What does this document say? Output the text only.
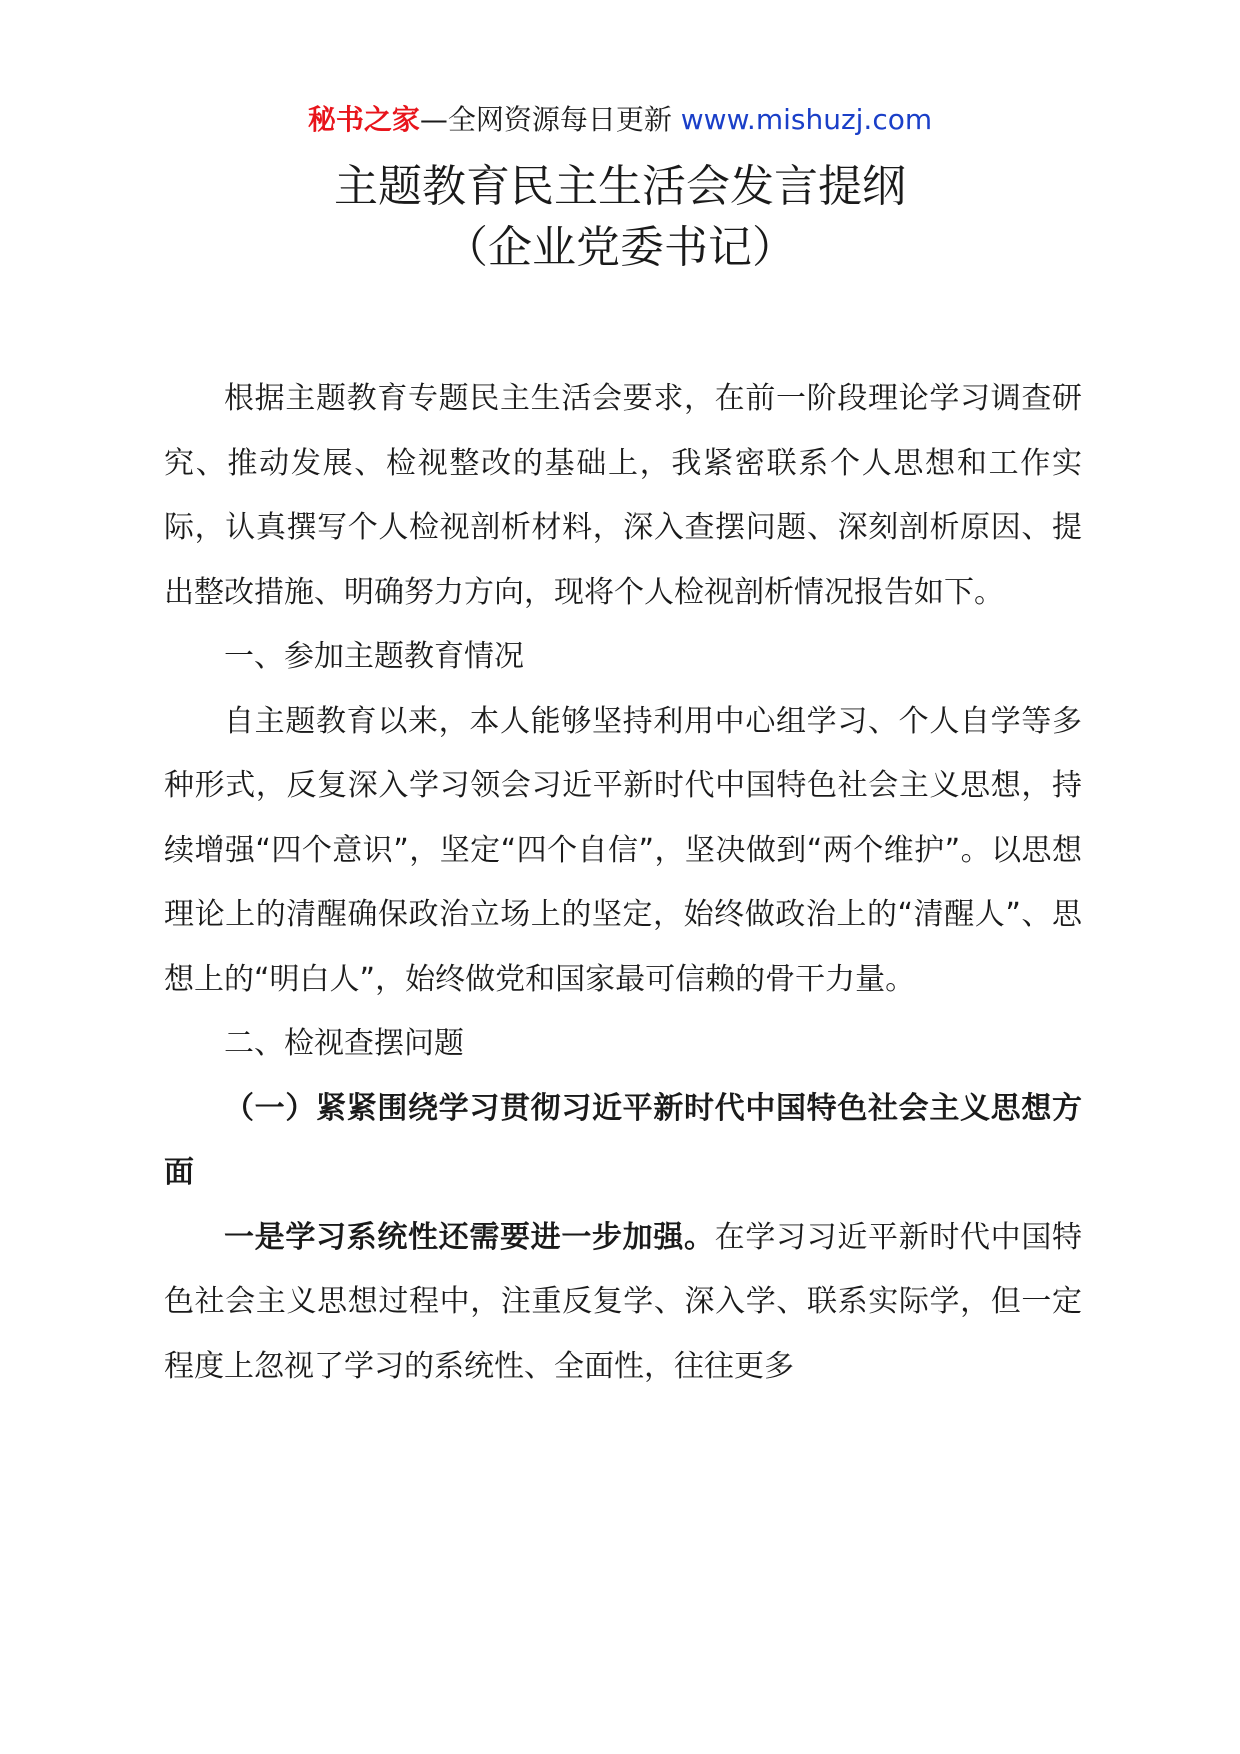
秘书之家—全网资源每日更新 www.mishuzj.com
主题教育民主生活会发言提纲
（企业党委书记）

根据主题教育专题民主生活会要求，在前一阶段理论学习调查研究、推动发展、检视整改的基础上，我紧密联系个人思想和工作实际，认真撰写个人检视剖析材料，深入查摆问题、深刻剖析原因、提出整改措施、明确努力方向，现将个人检视剖析情况报告如下。

一、参加主题教育情况

自主题教育以来，本人能够坚持利用中心组学习、个人自学等多种形式，反复深入学习领会习近平新时代中国特色社会主义思想，持续增强“四个意识”，坚定“四个自信”，坚决做到“两个维护”。以思想理论上的清醒确保政治立场上的坚定，始终做政治上的“清醒人”、思想上的“明白人”，始终做党和国家最可信赖的骨干力量。

二、检视查摆问题

（一）紧紧围绕学习贯彻习近平新时代中国特色社会主义思想方面

一是学习系统性还需要进一步加强。在学习习近平新时代中国特色社会主义思想过程中，注重反复学、深入学、联系实际学，但一定程度上忽视了学习的系统性、全面性，往往更多
